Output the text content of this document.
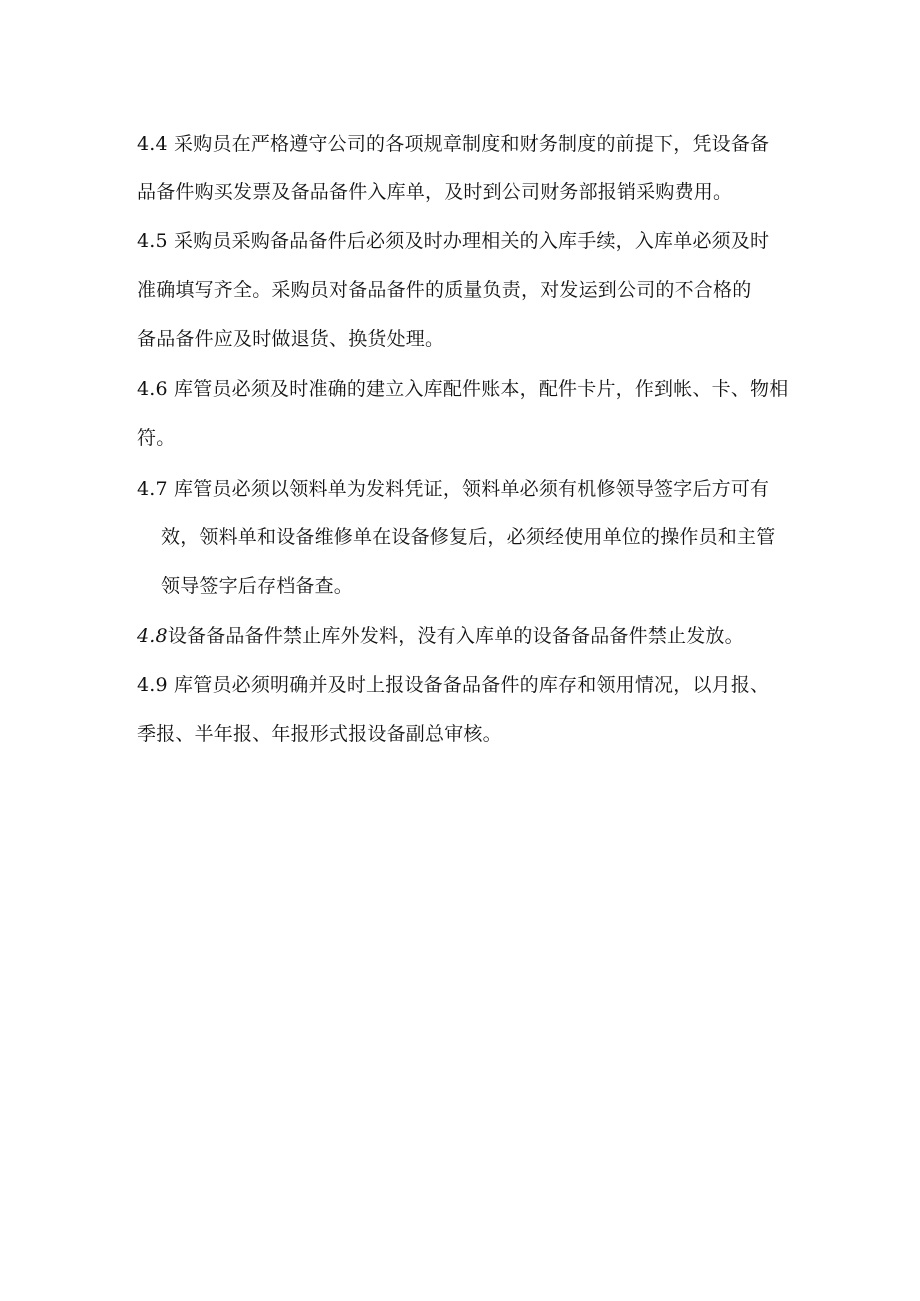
4.4 采购员在严格遵守公司的各项规章制度和财务制度的前提下，凭设备备
品备件购买发票及备品备件入库单，及时到公司财务部报销采购费用。
4.5 采购员采购备品备件后必须及时办理相关的入库手续，入库单必须及时
准确填写齐全。采购员对备品备件的质量负责，对发运到公司的不合格的
备品备件应及时做退货、换货处理。
4.6 库管员必须及时准确的建立入库配件账本，配件卡片，作到帐、卡、物相
符。
4.7 库管员必须以领料单为发料凭证，领料单必须有机修领导签字后方可有
效，领料单和设备维修单在设备修复后，必须经使用单位的操作员和主管
领导签字后存档备查。
4.8设备备品备件禁止库外发料，没有入库单的设备备品备件禁止发放。
4.9 库管员必须明确并及时上报设备备品备件的库存和领用情况，以月报、
季报、半年报、年报形式报设备副总审核。
